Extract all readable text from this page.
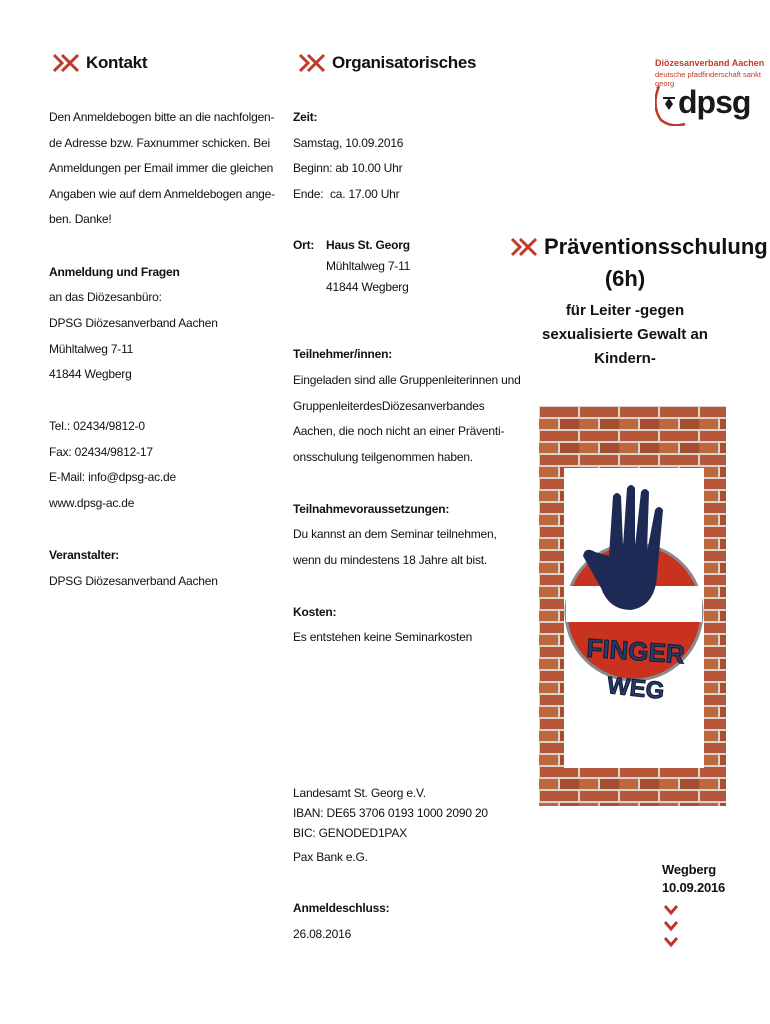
Kontakt
Den Anmeldebogen bitte an die nachfolgen-
de Adresse bzw. Faxnummer schicken. Bei
Anmeldungen per Email immer die gleichen
Angaben wie auf dem Anmeldebogen ange-
ben. Danke!
Anmeldung und Fragen
an das Diözesanbüro:
DPSG Diözesanverband Aachen
Mühltalweg 7-11
41844 Wegberg
Tel.: 02434/9812-0
Fax: 02434/9812-17
E-Mail: info@dpsg-ac.de
www.dpsg-ac.de
Veranstalter:
DPSG Diözesanverband Aachen
Organisatorisches
Zeit:
Samstag, 10.09.2016
Beginn: ab 10.00 Uhr
Ende: ca. 17.00 Uhr
Ort: Haus St. Georg
Mühltalweg 7-11
41844 Wegberg
Teilnehmer/innen:
Eingeladen sind alle Gruppenleiterinnen und
Gruppenleiter des Diözesanverbandes
Aachen, die noch nicht an einer Präventi-
onsschulung teilgenommen haben.
Teilnahmevoraussetzungen:
Du kannst an dem Seminar teilnehmen,
wenn du mindestens 18 Jahre alt bist.
Kosten:
Es entstehen keine Seminarkosten
Landesamt St. Georg e.V.
IBAN: DE65 3706 0193 1000 2090 20
BIC: GENODED1PAX
Pax Bank e.G.
Anmeldeschluss:
26.08.2016
Diözesanverband Aachen
deutsche pfadfinderschaft sankt georg
dpsg
Präventionsschulung
(6h)
für Leiter -gegen
sexualisierte Gewalt an
Kindern-
FINGER
WEG
Wegberg
10.09.2016
